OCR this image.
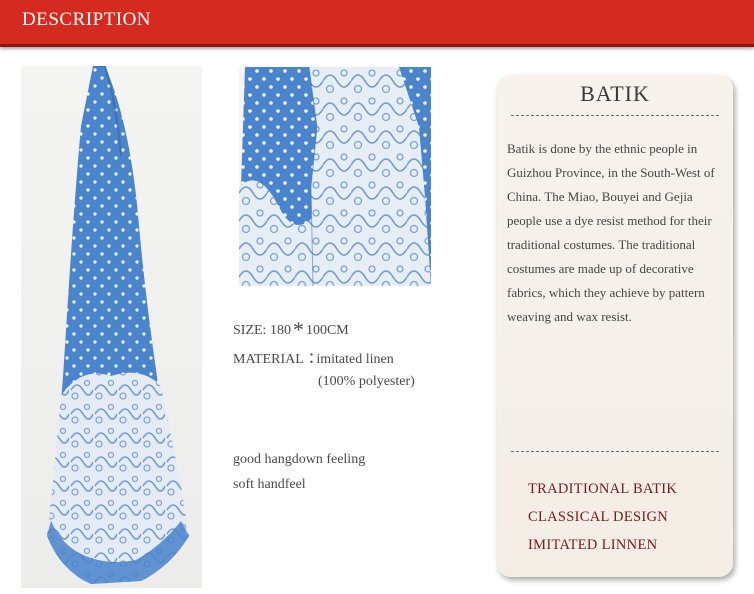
DESCRIPTION
SIZE: 180* 100CM
MATERIAL : imitated linen
(100% polyester)
good hangdown feeling
soft handfeel
BATIK
Batik is done by the ethnic people in Guizhou Province, in the South-West of China. The Miao, Bouyei and Gejia people use a dye resist method for their traditional costumes. The traditional costumes are made up of decorative fabrics, which they achieve by pattern weaving and wax resist.
TRADITIONAL BATIK
CLASSICAL DESIGN
IMITATED LINNEN
